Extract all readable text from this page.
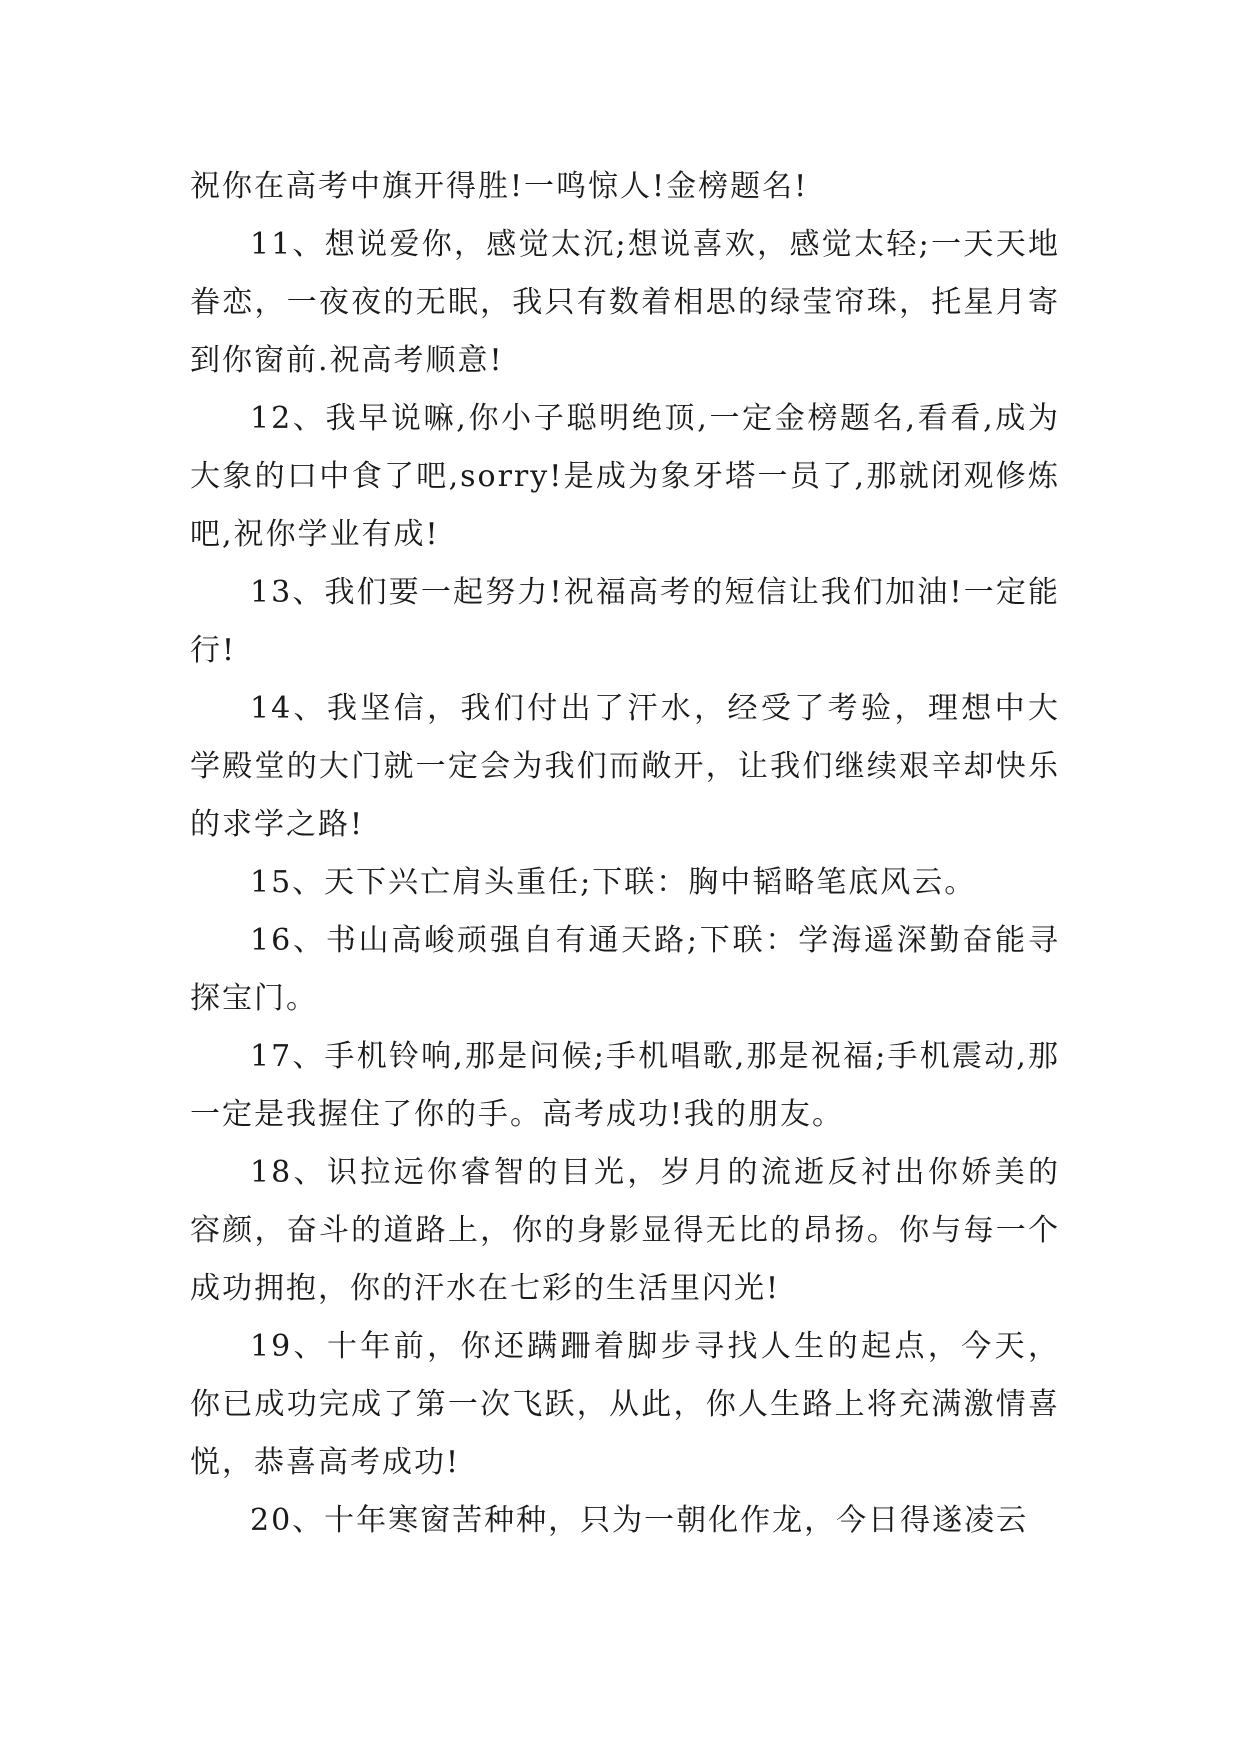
祝你在高考中旗开得胜!一鸣惊人!金榜题名!

11、想说爱你，感觉太沉;想说喜欢，感觉太轻;一天天地眷恋，一夜夜的无眠，我只有数着相思的绿莹帘珠，托星月寄到你窗前.祝高考顺意!

12、我早说嘛,你小子聪明绝顶,一定金榜题名,看看,成为大象的口中食了吧,sorry!是成为象牙塔一员了,那就闭观修炼吧,祝你学业有成!

13、我们要一起努力!祝福高考的短信让我们加油!一定能行!

14、我坚信，我们付出了汗水，经受了考验，理想中大学殿堂的大门就一定会为我们而敞开，让我们继续艰辛却快乐的求学之路!

15、天下兴亡肩头重任;下联：胸中韬略笔底风云。

16、书山高峻顽强自有通天路;下联：学海遥深勤奋能寻探宝门。

17、手机铃响,那是问候;手机唱歌,那是祝福;手机震动,那一定是我握住了你的手。高考成功!我的朋友。

18、识拉远你睿智的目光，岁月的流逝反衬出你娇美的容颜，奋斗的道路上，你的身影显得无比的昂扬。你与每一个成功拥抱，你的汗水在七彩的生活里闪光!

19、十年前，你还蹒跚着脚步寻找人生的起点，今天，你已成功完成了第一次飞跃，从此，你人生路上将充满激情喜悦，恭喜高考成功!

20、十年寒窗苦种种，只为一朝化作龙，今日得遂凌云
